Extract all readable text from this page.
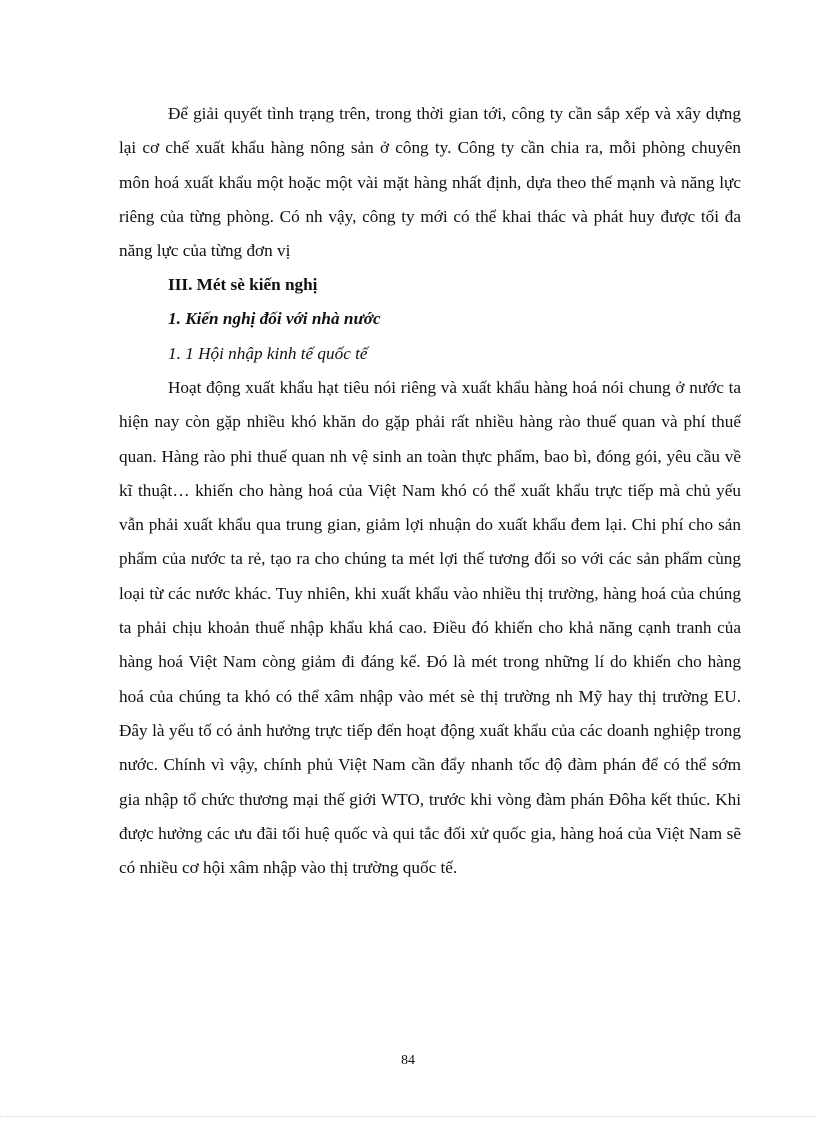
Để giải quyết tình trạng trên, trong thời gian tới, công ty cần sắp xếp và xây dựng lại cơ chế xuất khẩu hàng nông sản ở công ty. Công ty cần chia ra, mỗi phòng chuyên môn hoá xuất khẩu một hoặc một vài mặt hàng nhất định, dựa theo thế mạnh và năng lực riêng của từng phòng. Có nh vậy, công ty mới có thể khai thác và phát huy được tối đa năng lực của từng đơn vị

III. Mét sè kiến nghị
1. Kiến nghị đối với nhà nước
1. 1 Hội nhập kinh tế quốc tế

Hoạt động xuất khẩu hạt tiêu nói riêng và xuất khẩu hàng hoá nói chung ở nước ta hiện nay còn gặp nhiều khó khăn do gặp phải rất nhiều hàng rào thuế quan và phí thuế quan. Hàng rào phi thuế quan nh vệ sinh an toàn thực phẩm, bao bì, đóng gói, yêu cầu về kĩ thuật… khiến cho hàng hoá của Việt Nam khó có thể xuất khẩu trực tiếp mà chủ yếu vẫn phải xuất khẩu qua trung gian, giảm lợi nhuận do xuất khẩu đem lại. Chi phí cho sản phẩm của nước ta rẻ, tạo ra cho chúng ta mét lợi thế tương đối so với các sản phẩm cùng loại từ các nước khác. Tuy nhiên, khi xuất khẩu vào nhiều thị trường, hàng hoá của chúng ta phải chịu khoản thuế nhập khẩu khá cao. Điều đó khiến cho khả năng cạnh tranh của hàng hoá Việt Nam còng giảm đi đáng kể. Đó là mét trong những lí do khiến cho hàng hoá của chúng ta khó có thể xâm nhập vào mét sè thị trường nh Mỹ hay thị trường EU. Đây là yếu tố có ảnh hưởng trực tiếp đến hoạt động xuất khẩu của các doanh nghiệp trong nước. Chính vì vậy, chính phủ Việt Nam cần đẩy nhanh tốc độ đàm phán để có thể sớm gia nhập tổ chức thương mại thế giới WTO, trước khi vòng đàm phán Đôha kết thúc. Khi được hưởng các ưu đãi tối huệ quốc và qui tắc đối xử quốc gia, hàng hoá của Việt Nam sẽ có nhiều cơ hội xâm nhập vào thị trường quốc tế.

84
